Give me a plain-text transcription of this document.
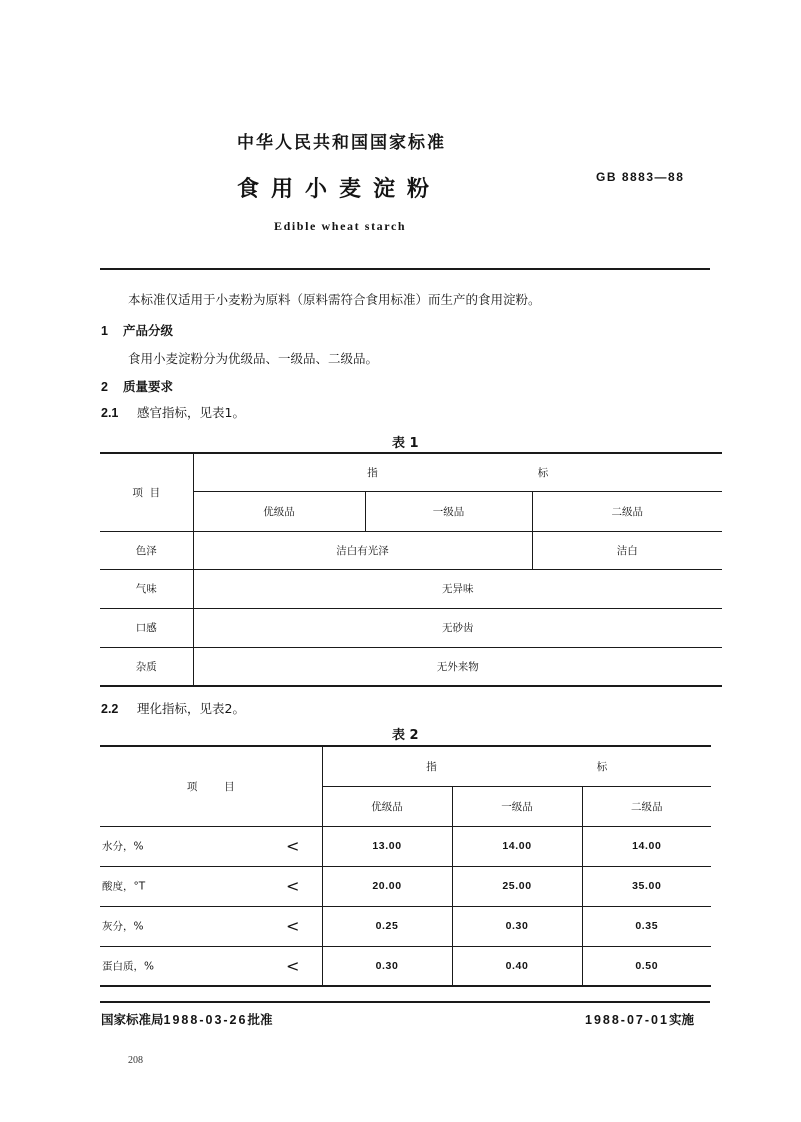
中华人民共和国国家标准
食用小麦淀粉	GB 8883—88
Edible wheat starch
本标准仅适用于小麦粉为原料（原料需符合食用标准）而生产的食用淀粉。
1 产品分级
食用小麦淀粉分为优级品、一级品、二级品。
2 质量要求
2.1 感官指标，见表1。
表 1
项  目	指 标		
	优级品	一级品	二级品
色泽	洁白有光泽		洁白
气味	无异味		
口感	无砂齿		
杂质	无外来物		
2.2 理化指标，见表2。
表 2
项        目	指 标		
	优级品	一级品	二级品

水分，% <	13.00	14.00	14.00

酸度，°T <	20.00	25.00	35.00

灰分，% <	0.25	0.30	0.35

蛋白质，% <	0.30	0.40	0.50
国家标准局1988-03-26批准	1988-07-01实施
208
